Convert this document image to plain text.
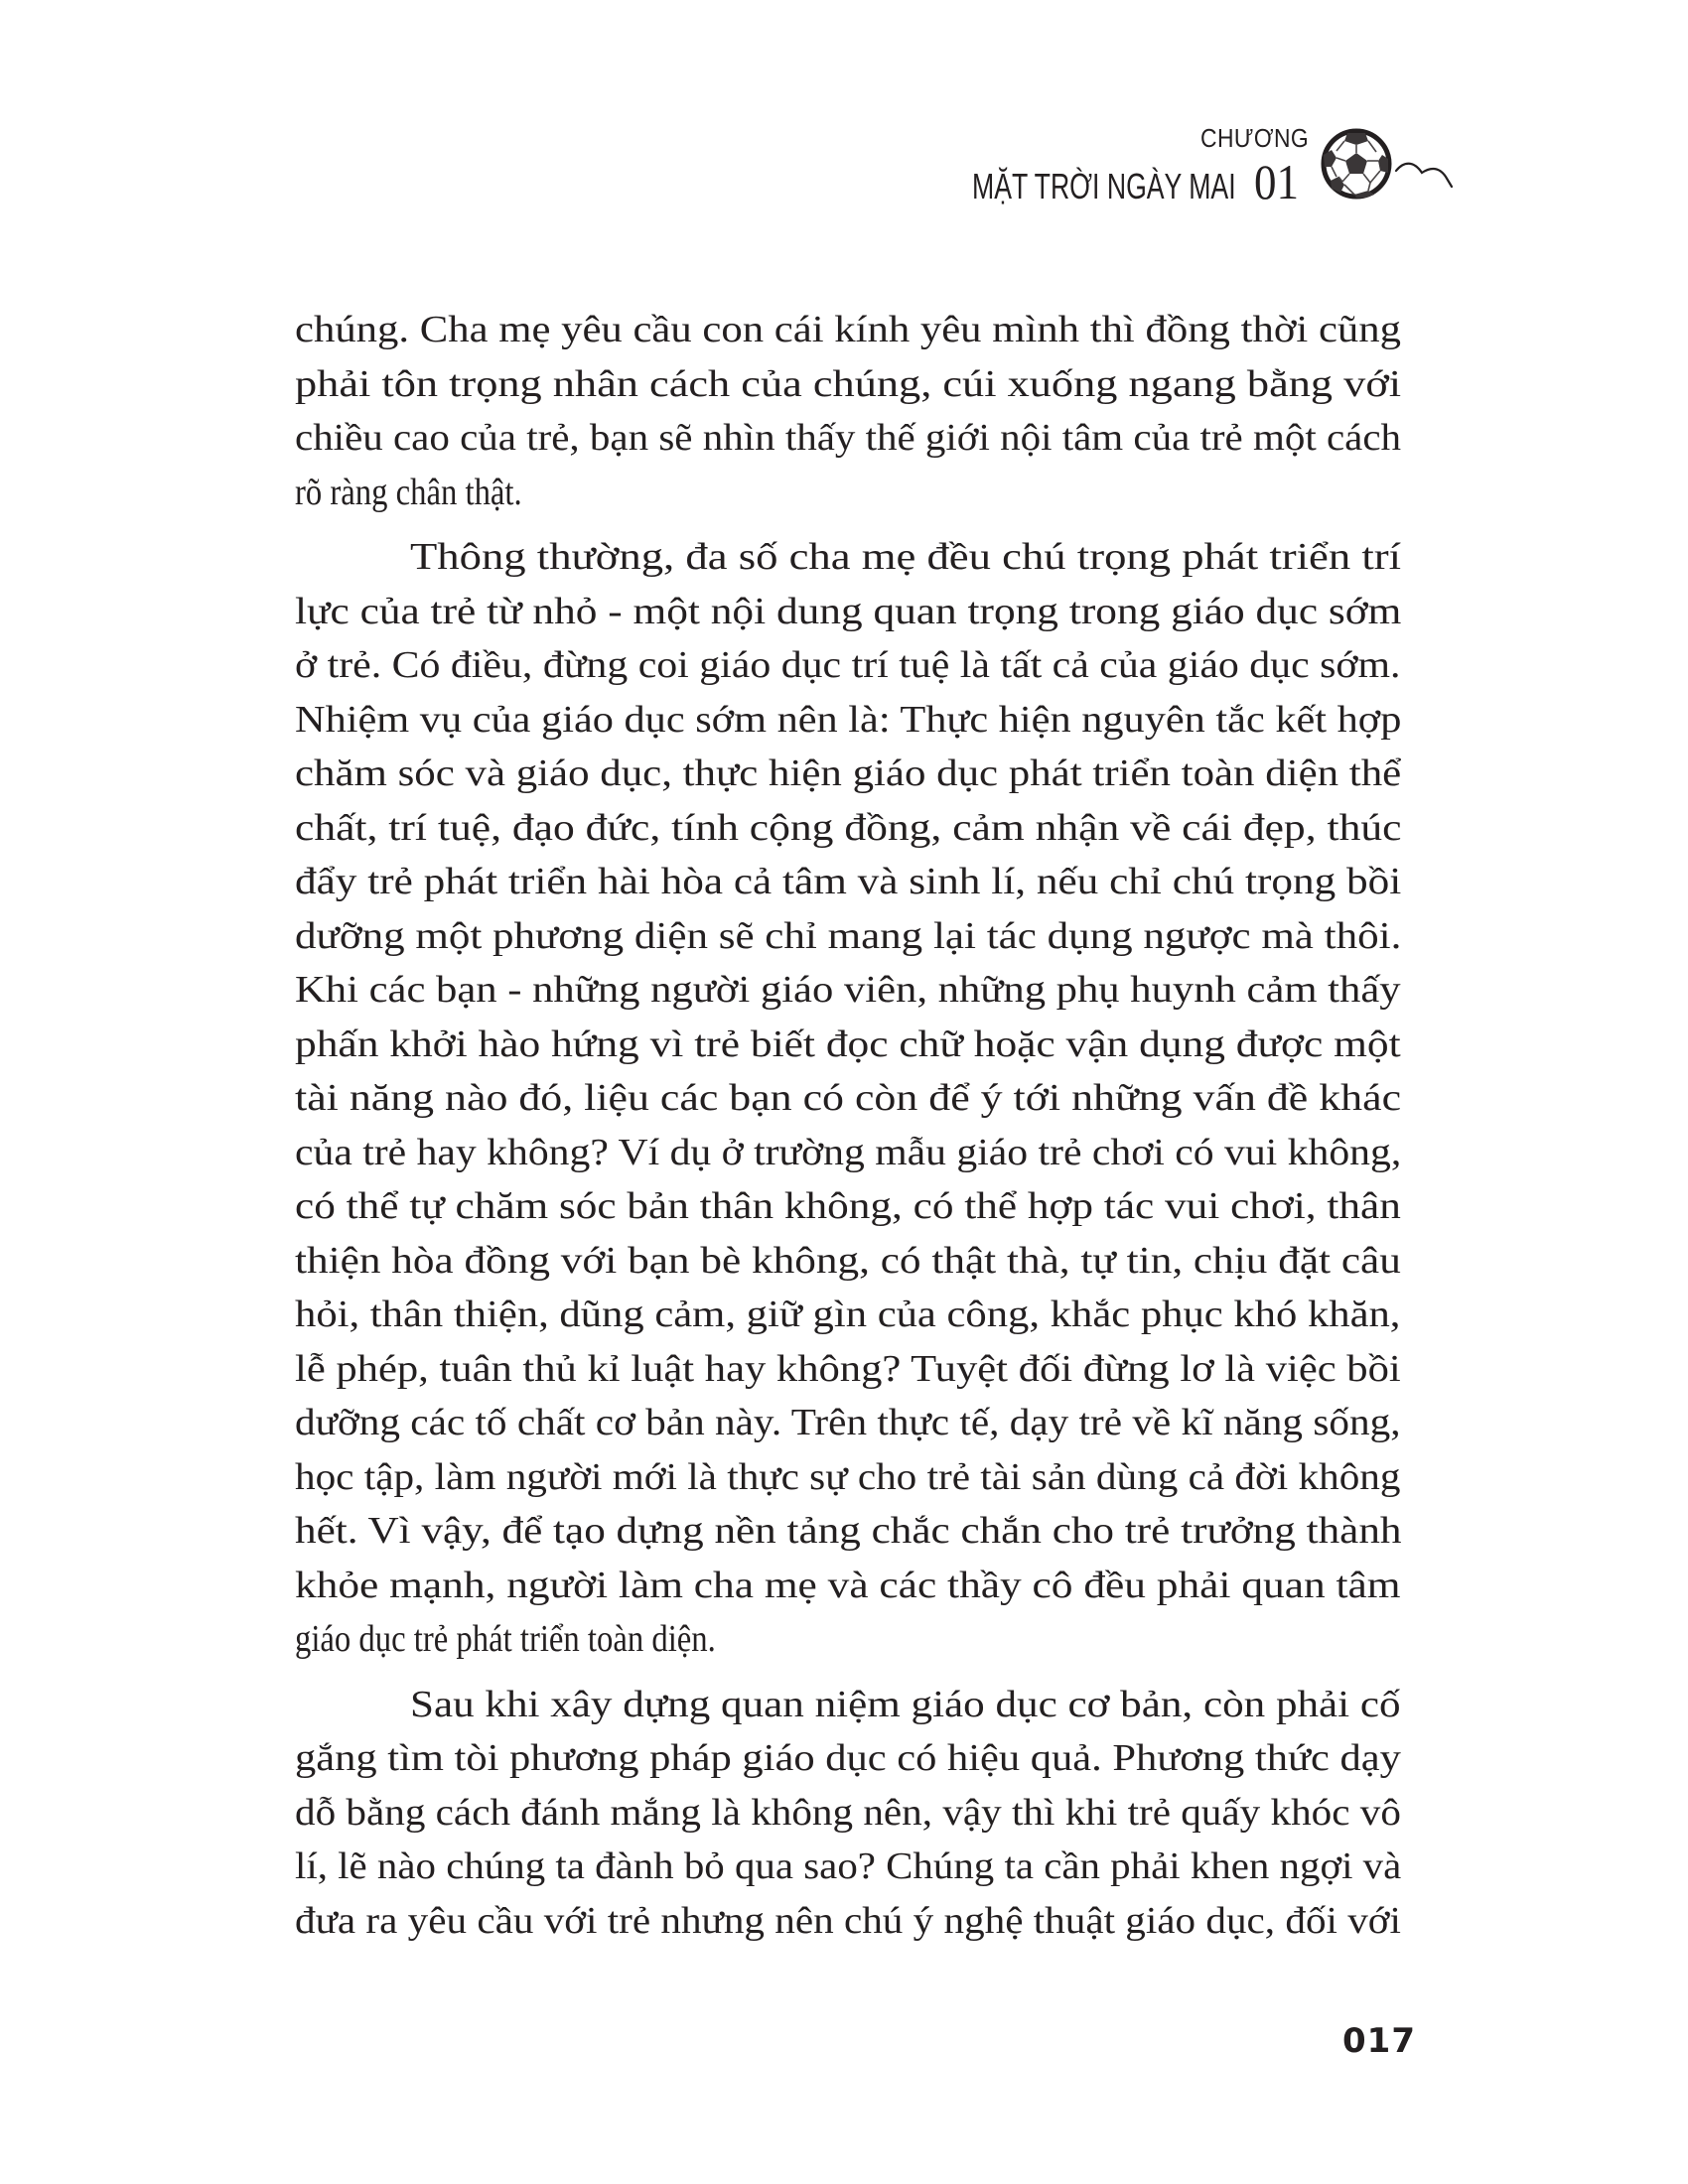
CHƯƠNG
MẶT TRỜI NGÀY MAI 01
chúng. Cha mẹ yêu cầu con cái kính yêu mình thì đồng thời cũng
phải tôn trọng nhân cách của chúng, cúi xuống ngang bằng với
chiều cao của trẻ, bạn sẽ nhìn thấy thế giới nội tâm của trẻ một cách
rõ ràng chân thật.
Thông thường, đa số cha mẹ đều chú trọng phát triển trí
lực của trẻ từ nhỏ - một nội dung quan trọng trong giáo dục sớm
ở trẻ. Có điều, đừng coi giáo dục trí tuệ là tất cả của giáo dục sớm.
Nhiệm vụ của giáo dục sớm nên là: Thực hiện nguyên tắc kết hợp
chăm sóc và giáo dục, thực hiện giáo dục phát triển toàn diện thể
chất, trí tuệ, đạo đức, tính cộng đồng, cảm nhận về cái đẹp, thúc
đẩy trẻ phát triển hài hòa cả tâm và sinh lí, nếu chỉ chú trọng bồi
dưỡng một phương diện sẽ chỉ mang lại tác dụng ngược mà thôi.
Khi các bạn - những người giáo viên, những phụ huynh cảm thấy
phấn khởi hào hứng vì trẻ biết đọc chữ hoặc vận dụng được một
tài năng nào đó, liệu các bạn có còn để ý tới những vấn đề khác
của trẻ hay không? Ví dụ ở trường mẫu giáo trẻ chơi có vui không,
có thể tự chăm sóc bản thân không, có thể hợp tác vui chơi, thân
thiện hòa đồng với bạn bè không, có thật thà, tự tin, chịu đặt câu
hỏi, thân thiện, dũng cảm, giữ gìn của công, khắc phục khó khăn,
lễ phép, tuân thủ kỉ luật hay không? Tuyệt đối đừng lơ là việc bồi
dưỡng các tố chất cơ bản này. Trên thực tế, dạy trẻ về kĩ năng sống,
học tập, làm người mới là thực sự cho trẻ tài sản dùng cả đời không
hết. Vì vậy, để tạo dựng nền tảng chắc chắn cho trẻ trưởng thành
khỏe mạnh, người làm cha mẹ và các thầy cô đều phải quan tâm
giáo dục trẻ phát triển toàn diện.
Sau khi xây dựng quan niệm giáo dục cơ bản, còn phải cố
gắng tìm tòi phương pháp giáo dục có hiệu quả. Phương thức dạy
dỗ bằng cách đánh mắng là không nên, vậy thì khi trẻ quấy khóc vô
lí, lẽ nào chúng ta đành bỏ qua sao? Chúng ta cần phải khen ngợi và
đưa ra yêu cầu với trẻ nhưng nên chú ý nghệ thuật giáo dục, đối với
017
